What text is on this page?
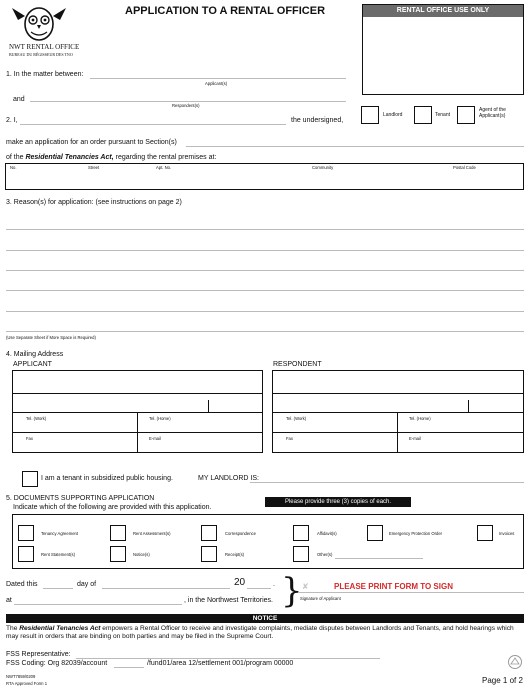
NWT RENTAL OFFICE
BUREAU DU RÉGISSEUR DES TNO
APPLICATION TO A RENTAL OFFICER	RENTAL OFFICE USE ONLY
1. In the matter between:
Applicant(s)
and
Respondent(s)
Landlord	Tenant
Agent of the Applicant(s)
2. I,	the undersigned,
make an application for an order pursuant to Section(s)
of the Residential Tenancies Act, regarding the rental premises at:
No.	Street	Apt. No.	Community	Postal Code
3. Reason(s) for application: (see instructions on page 2)
(Use Separate Sheet if More Space is Required)
4. Mailing Address
APPLICANT	RESPONDENT
Tel. (Work)	Tel. (Home)
Fax	E-mail
Tel. (Work)	Tel. (Home)
Fax	E-mail
I am a tenant in subsidized public housing.	MY LANDLORD IS:
5. DOCUMENTS SUPPORTING APPLICATION
Indicate which of the following are provided with this application.
Please provide three (3) copies of each.
Tenancy Agreement	Rent Assessment(s)	Correspondence	Affidavit(s)	Emergency Protection Order	Invoices
Rent Statement(s)	Notice(s)	Receipt(s)	Other(s)
Dated this	day of	20	.
at	, in the Northwest Territories. } ✘	PLEASE PRINT FORM TO SIGN
Signature of Applicant
NOTICE
The Residential Tenancies Act empowers a Rental Officer to receive and investigate complaints, mediate disputes between Landlords and Tenants, and hold hearings which may result in orders that are binding on both parties and may be filed in the Supreme Court.
FSS Representative:
FSS Coding: Org 82039/account	/fund01/area 12/settlement 001/program 00000
NWT7859/0209
RTA Approved Form 1	Page 1 of 2
